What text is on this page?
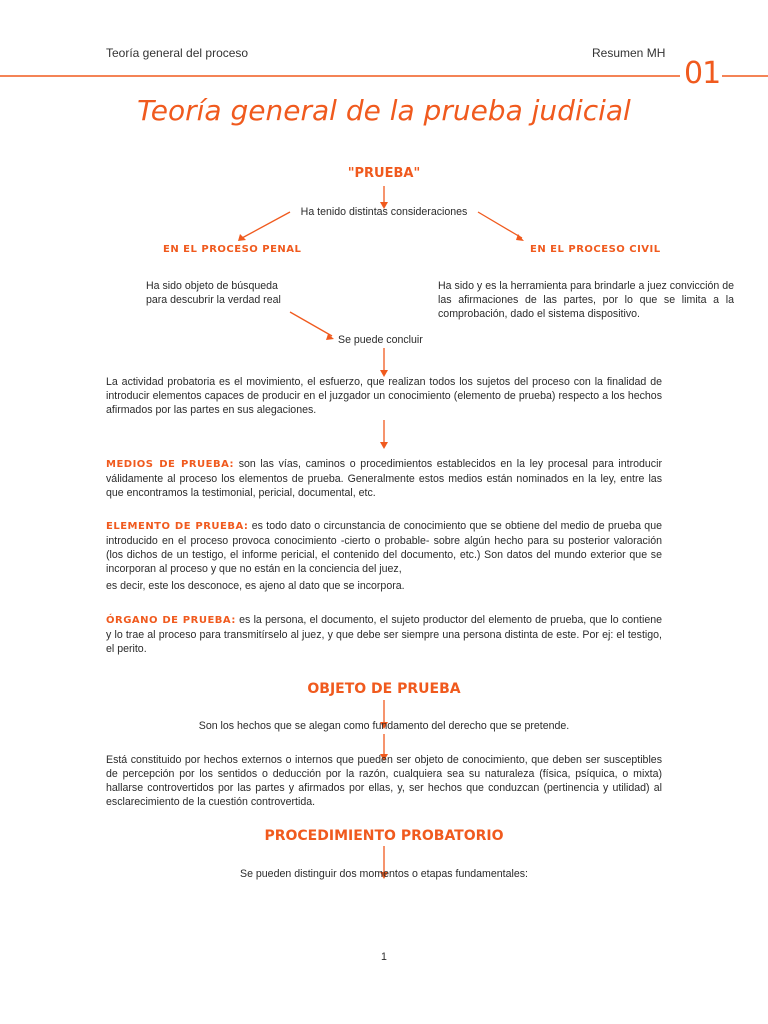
Teoría general del proceso	Resumen MH
01
Teoría general de la prueba judicial
"PRUEBA"
Ha tenido distintas consideraciones
EN EL PROCESO PENAL	EN EL PROCESO CIVIL
Ha sido objeto de búsqueda
para descubrir la verdad real
Ha sido y es la herramienta para brindarle a juez convicción de las afirmaciones de las partes, por lo que se limita a la comprobación, dado el sistema dispositivo.
Se puede concluir
La actividad probatoria es el movimiento, el esfuerzo, que realizan todos los sujetos del proceso con la finalidad de introducir elementos capaces de producir en el juzgador un conocimiento (elemento de prueba) respecto a los hechos afirmados por las partes en sus alegaciones.
MEDIOS DE PRUEBA: son las vías, caminos o procedimientos establecidos en la ley procesal para introducir válidamente al proceso los elementos de prueba. Generalmente estos medios están nominados en la ley, entre las que encontramos la testimonial, pericial, documental, etc.
ELEMENTO DE PRUEBA: es todo dato o circunstancia de conocimiento que se obtiene del medio de prueba que introducido en el proceso provoca conocimiento -cierto o probable- sobre algún hecho para su posterior valoración (los dichos de un testigo, el informe pericial, el contenido del documento, etc.) Son datos del mundo exterior que se incorporan al proceso y que no están en la conciencia del juez,
es decir, este los desconoce, es ajeno al dato que se incorpora.
ÓRGANO DE PRUEBA: es la persona, el documento, el sujeto productor del elemento de prueba, que lo contiene y lo trae al proceso para transmitírselo al juez, y que debe ser siempre una persona distinta de este. Por ej: el testigo, el perito.
OBJETO DE PRUEBA
Son los hechos que se alegan como fundamento del derecho que se pretende.
Está constituido por hechos externos o internos que pueden ser objeto de conocimiento, que deben ser susceptibles de percepción por los sentidos o deducción por la razón, cualquiera sea su naturaleza (física, psíquica, o mixta) hallarse controvertidos por las partes y afirmados por ellas, y, ser hechos que conduzcan (pertinencia y utilidad) al esclarecimiento de la cuestión controvertida.
PROCEDIMIENTO PROBATORIO
Se pueden distinguir dos momentos o etapas fundamentales:
1
